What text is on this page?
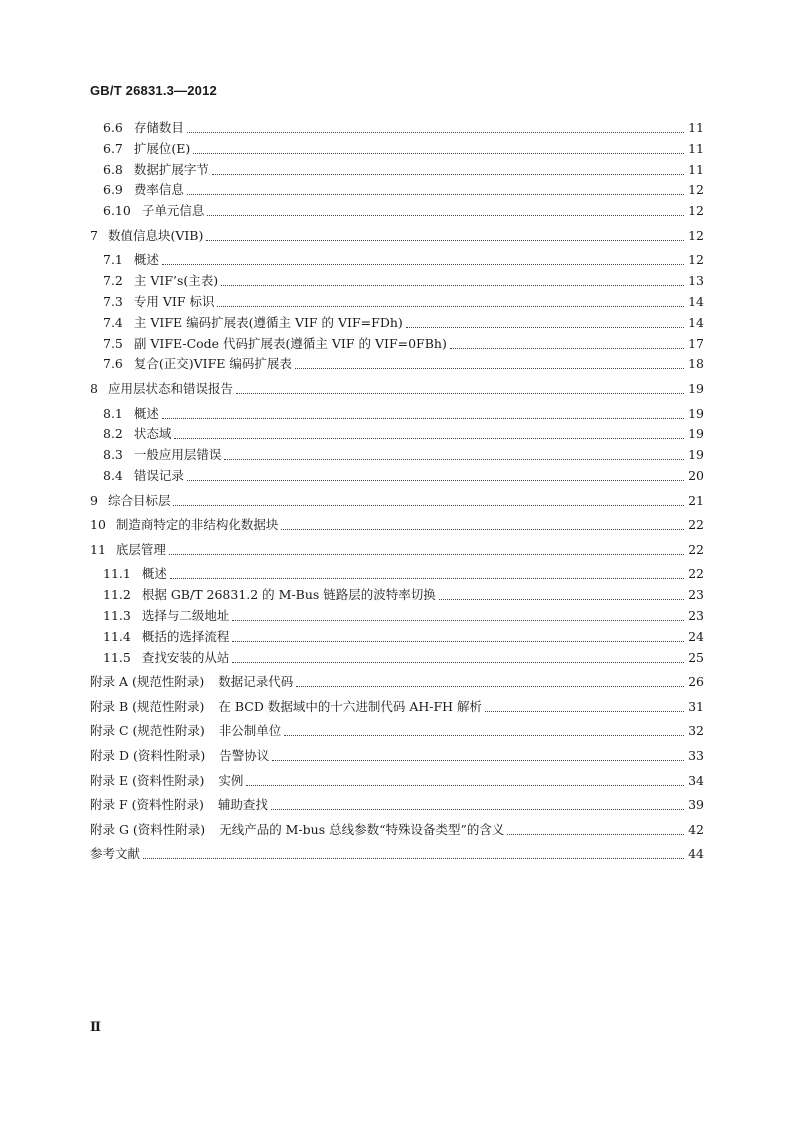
GB/T 26831.3—2012
6.6 存储数目	11
6.7 扩展位(E)	11
6.8 数据扩展字节	11
6.9 费率信息	12
6.10 子单元信息	12
7 数值信息块(VIB)	12
7.1 概述	12
7.2 主 VIF’s(主表)	13
7.3 专用 VIF 标识	14
7.4 主 VIFE 编码扩展表(遵循主 VIF 的 VIF=FDh)	14
7.5 副 VIFE-Code 代码扩展表(遵循主 VIF 的 VIF=0FBh)	17
7.6 复合(正交)VIFE 编码扩展表	18
8 应用层状态和错误报告	19
8.1 概述	19
8.2 状态域	19
8.3 一般应用层错误	19
8.4 错误记录	20
9 综合目标层	21
10 制造商特定的非结构化数据块	22
11 底层管理	22
11.1 概述	22
11.2 根据 GB/T 26831.2 的 M-Bus 链路层的波特率切换	23
11.3 选择与二级地址	23
11.4 概括的选择流程	24
11.5 查找安装的从站	25
附录 A (规范性附录) 数据记录代码	26
附录 B (规范性附录) 在 BCD 数据域中的十六进制代码 AH-FH 解析	31
附录 C (规范性附录) 非公制单位	32
附录 D (资料性附录) 告警协议	33
附录 E (资料性附录) 实例	34
附录 F (资料性附录) 辅助查找	39
附录 G (资料性附录) 无线产品的 M-bus 总线参数“特殊设备类型”的含义	42
参考文献	44
Ⅱ
